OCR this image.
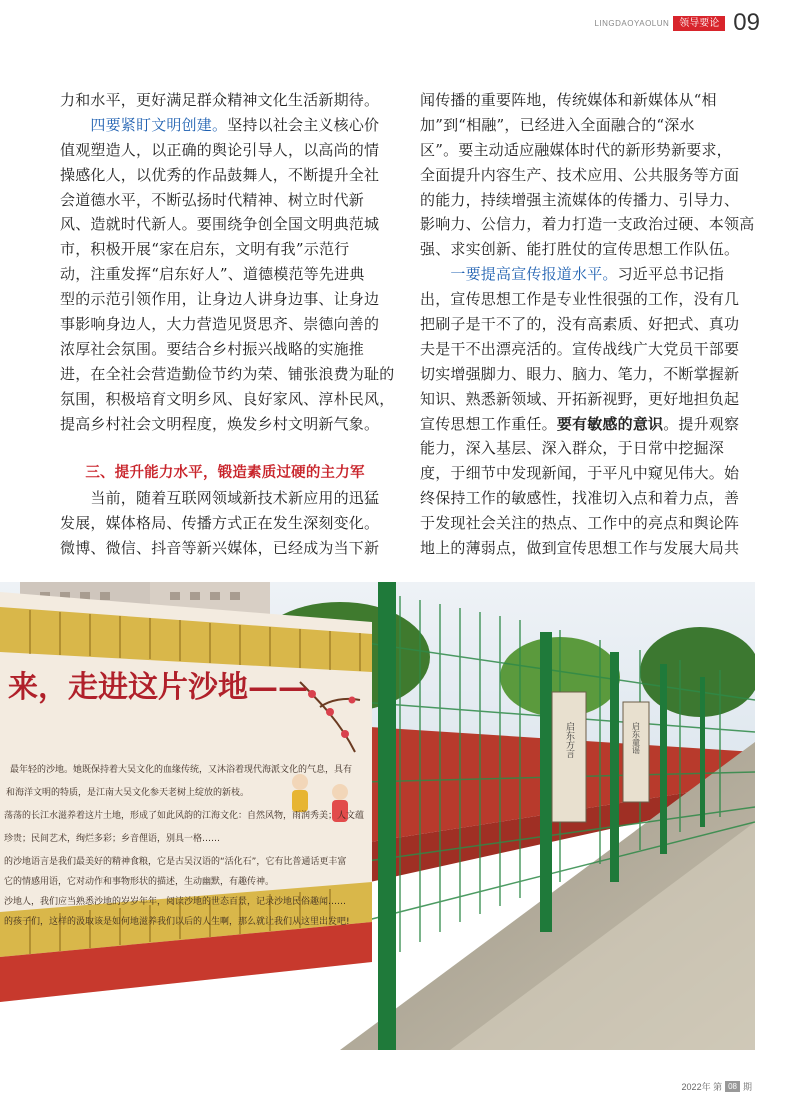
LINGDAOYAOLUN	领导要论 09
力和水平，更好满足群众精神文化生活新期待。
　　四要紧盯文明创建。坚持以社会主义核心价
值观塑造人，以正确的舆论引导人，以高尚的情
操感化人，以优秀的作品鼓舞人，不断提升全社
会道德水平，不断弘扬时代精神、树立时代新
风、造就时代新人。要围绕争创全国文明典范城
市，积极开展“家在启东，文明有我”示范行
动，注重发挥“启东好人”、道德模范等先进典
型的示范引领作用，让身边人讲身边事、让身边
事影响身边人，大力营造见贤思齐、崇德向善的
浓厚社会氛围。要结合乡村振兴战略的实施推
进，在全社会营造勤俭节约为荣、铺张浪费为耻的
氛围，积极培育文明乡风、良好家风、淳朴民风，
提高乡村社会文明程度，焕发乡村文明新气象。
三、提升能力水平，锻造素质过硬的主力军
　　当前，随着互联网领域新技术新应用的迅猛
发展，媒体格局、传播方式正在发生深刻变化。
微博、微信、抖音等新兴媒体，已经成为当下新
闻传播的重要阵地，传统媒体和新媒体从“相
加”到“相融”，已经进入全面融合的“深水
区”。要主动适应融媒体时代的新形势新要求，
全面提升内容生产、技术应用、公共服务等方面
的能力，持续增强主流媒体的传播力、引导力、
影响力、公信力，着力打造一支政治过硬、本领高
强、求实创新、能打胜仗的宣传思想工作队伍。
　　一要提高宣传报道水平。习近平总书记指
出，宣传思想工作是专业性很强的工作，没有几
把刷子是干不了的，没有高素质、好把式、真功
夫是干不出漂亮活的。宣传战线广大党员干部要
切实增强脚力、眼力、脑力、笔力，不断掌握新
知识、熟悉新领域、开拓新视野，更好地担负起
宣传思想工作重任。要有敏感的意识。提升观察
能力，深入基层、深入群众，于日常中挖掘深
度，于细节中发现新闻，于平凡中窥见伟大。始
终保持工作的敏感性，找准切入点和着力点，善
于发现社会关注的热点、工作中的亮点和舆论阵
地上的薄弱点，做到宣传思想工作与发展大局共
启东方言	启东童谣
来，走进这片沙地——
最年轻的沙地。她既保持着大吴文化的血缘传统，又沐浴着现代海派文化的气息，具有
和海洋文明的特质，是江南大吴文化参天老树上绽放的新枝。
荡荡的长江水滋养着这片土地，形成了如此风韵的江海文化：自然风物，雨润秀美；人文蕴
珍贵；民间艺术，绚烂多彩；乡音俚语，别具一格……
的沙地语言是我们最美好的精神食粮，它是古吴汉语的“活化石”，它有比普通话更丰富
它的情感用语，它对动作和事物形状的描述，生动幽默，有趣传神。
沙地人，我们应当熟悉沙地的岁岁年年，阅读沙地的世态百景，记录沙地民俗趣闻……
的孩子们，这样的汲取该是如何地滋养我们以后的人生啊，那么就让我们从这里出发吧!
2022年 第 08 期
